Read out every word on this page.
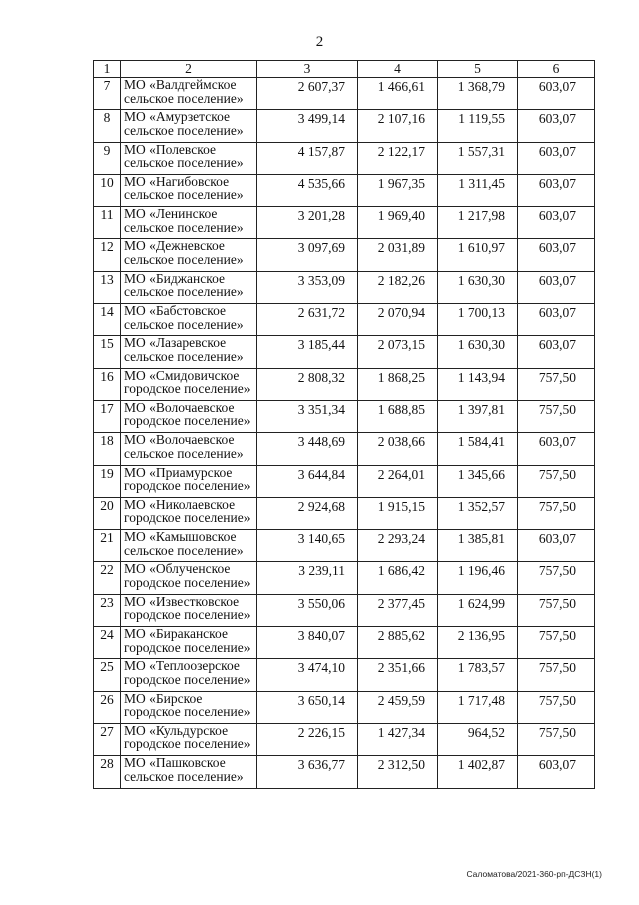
2
1	2	3	4	5	6
7	МО «Валдгеймское
сельское поселение»	2 607,37	1 466,61	1 368,79	603,07
8	МО «Амурзетское
сельское поселение»	3 499,14	2 107,16	1 119,55	603,07
9	МО «Полевское
сельское поселение»	4 157,87	2 122,17	1 557,31	603,07
10	МО «Нагибовское
сельское поселение»	4 535,66	1 967,35	1 311,45	603,07
11	МО «Ленинское
сельское поселение»	3 201,28	1 969,40	1 217,98	603,07
12	МО «Дежневское
сельское поселение»	3 097,69	2 031,89	1 610,97	603,07
13	МО «Биджанское
сельское поселение»	3 353,09	2 182,26	1 630,30	603,07
14	МО «Бабстовское
сельское поселение»	2 631,72	2 070,94	1 700,13	603,07
15	МО «Лазаревское
сельское поселение»	3 185,44	2 073,15	1 630,30	603,07
16	МО «Смидовичское
городское поселение»	2 808,32	1 868,25	1 143,94	757,50
17	МО «Волочаевское
городское поселение»	3 351,34	1 688,85	1 397,81	757,50
18	МО «Волочаевское
сельское поселение»	3 448,69	2 038,66	1 584,41	603,07
19	МО «Приамурское
городское поселение»	3 644,84	2 264,01	1 345,66	757,50
20	МО «Николаевское
городское поселение»	2 924,68	1 915,15	1 352,57	757,50
21	МО «Камышовское
сельское поселение»	3 140,65	2 293,24	1 385,81	603,07
22	МО «Облученское
городское поселение»	3 239,11	1 686,42	1 196,46	757,50
23	МО «Известковское
городское поселение»	3 550,06	2 377,45	1 624,99	757,50
24	МО «Бираканское
городское поселение»	3 840,07	2 885,62	2 136,95	757,50
25	МО «Теплоозерское
городское поселение»	3 474,10	2 351,66	1 783,57	757,50
26	МО «Бирское
городское поселение»	3 650,14	2 459,59	1 717,48	757,50
27	МО «Кульдурское
городское поселение»	2 226,15	1 427,34	964,52	757,50
28	МО «Пашковское
сельское поселение»	3 636,77	2 312,50	1 402,87	603,07
Саломатова/2021-360-рп-ДСЗН(1)
